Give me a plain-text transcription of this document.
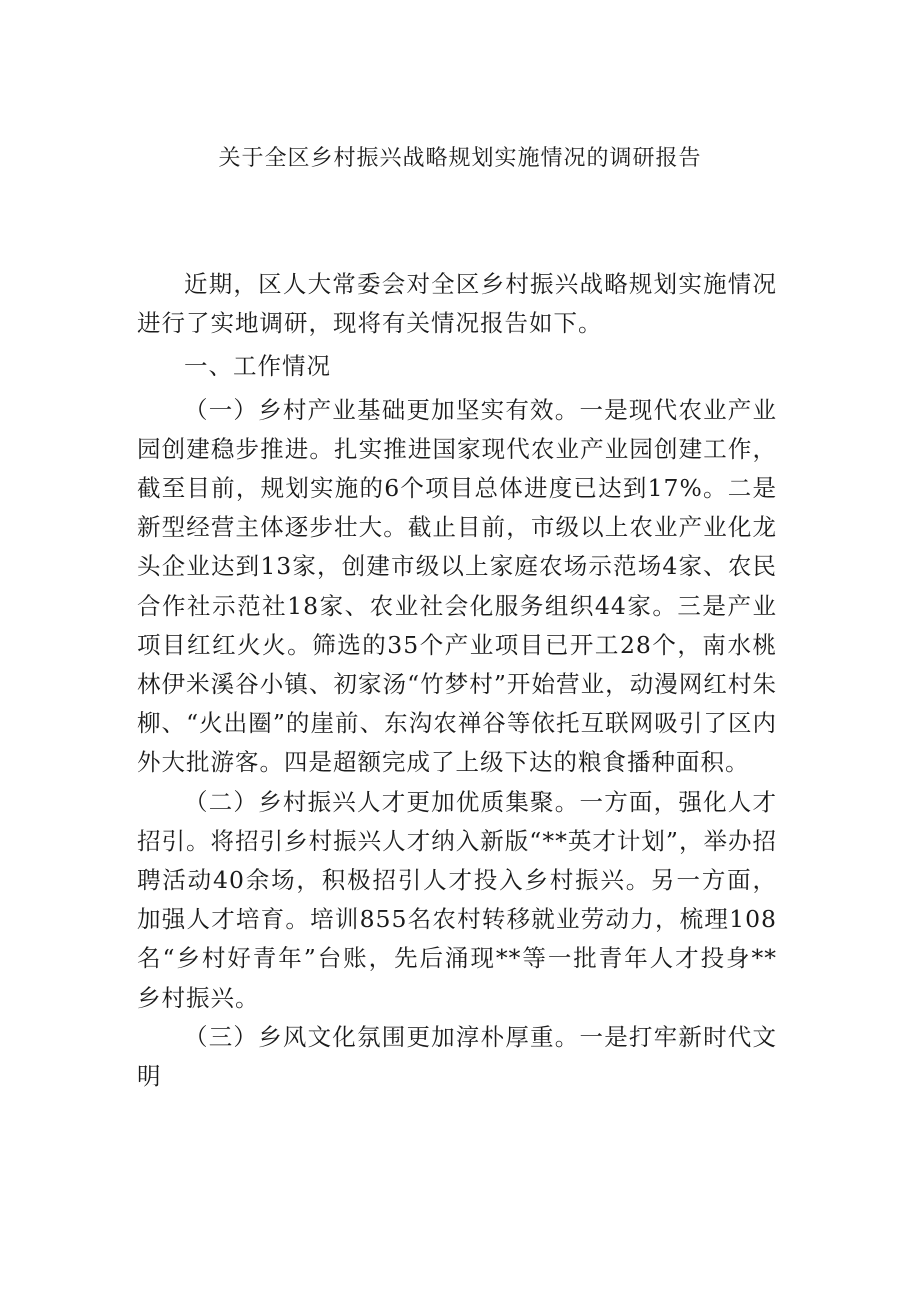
关于全区乡村振兴战略规划实施情况的调研报告

近期，区人大常委会对全区乡村振兴战略规划实施情况进行了实地调研，现将有关情况报告如下。

一、工作情况

（一）乡村产业基础更加坚实有效。一是现代农业产业园创建稳步推进。扎实推进国家现代农业产业园创建工作，截至目前，规划实施的6个项目总体进度已达到17%。二是新型经营主体逐步壮大。截止目前，市级以上农业产业化龙头企业达到13家，创建市级以上家庭农场示范场4家、农民合作社示范社18家、农业社会化服务组织44家。三是产业项目红红火火。筛选的35个产业项目已开工28个，南水桃林伊米溪谷小镇、初家汤“竹梦村”开始营业，动漫网红村朱柳、“火出圈”的崖前、东沟农禅谷等依托互联网吸引了区内外大批游客。四是超额完成了上级下达的粮食播种面积。

（二）乡村振兴人才更加优质集聚。一方面，强化人才招引。将招引乡村振兴人才纳入新版“**英才计划”，举办招聘活动40余场，积极招引人才投入乡村振兴。另一方面，加强人才培育。培训855名农村转移就业劳动力，梳理108名“乡村好青年”台账，先后涌现**等一批青年人才投身**乡村振兴。

（三）乡风文化氛围更加淳朴厚重。一是打牢新时代文明
